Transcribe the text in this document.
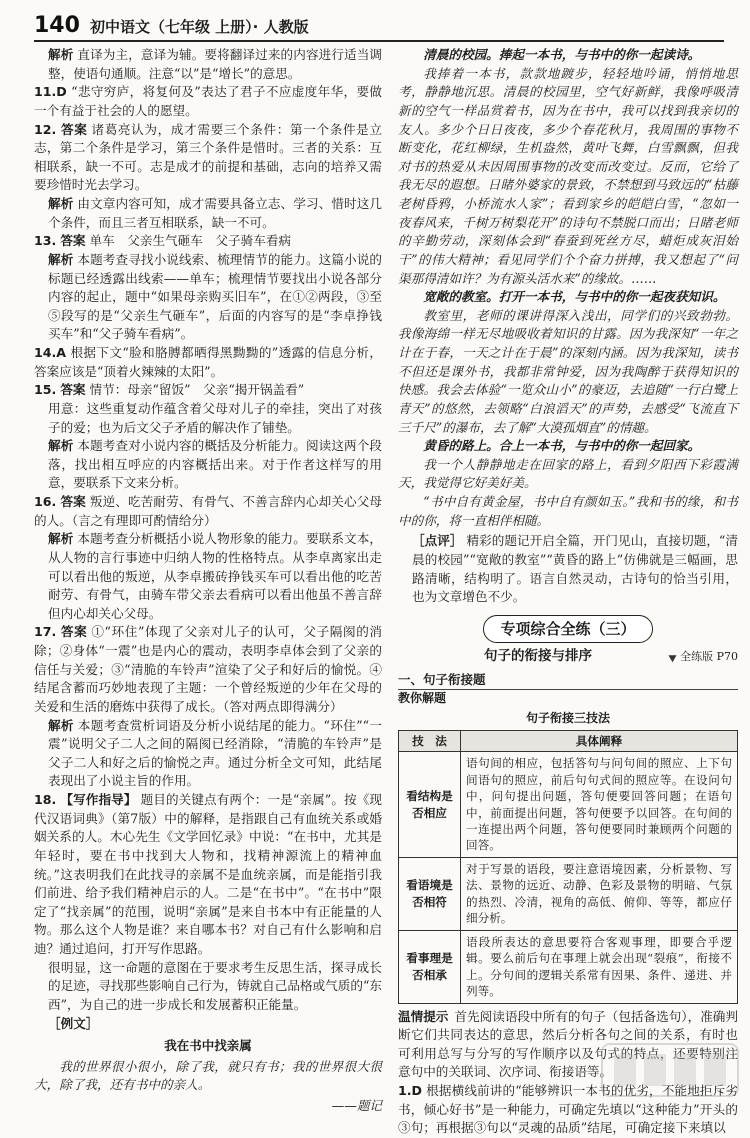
140 初中语文（七年级 上册）· 人教版
解析 直译为主，意译为辅。要将翻译过来的内容进行适当调整，使语句通顺。注意“以”是“增长”的意思。
11.D “悲守穷庐，将复何及”表达了君子不应虚度年华，要做一个有益于社会的人的愿望。
12. 答案 诸葛亮认为，成才需要三个条件：第一个条件是立志，第二个条件是学习，第三个条件是惜时。三者的关系：互相联系，缺一不可。志是成才的前提和基础，志向的培养又需要珍惜时光去学习。
解析 由文章内容可知，成才需要具备立志、学习、惜时这几个条件，而且三者互相联系，缺一不可。
13. 答案 单车　父亲生气砸车　父子骑车看病
解析 本题考查寻找小说线索、梳理情节的能力。这篇小说的标题已经透露出线索——单车；梳理情节要找出小说各部分内容的起止，题中“如果母亲购买旧车”，在①②两段，③至⑤段写的是“父亲生气砸车”，后面的内容写的是“李卓挣钱买车”和“父子骑车看病”。
14.A 根据下文“脸和胳膊都晒得黑黝黝的”透露的信息分析，答案应该是“顶着火辣辣的太阳”。
15. 答案 情节：母亲“留饭”　父亲“揭开锅盖看”
用意：这些重复动作蕴含着父母对儿子的牵挂，突出了对孩子的爱；也为后文父子矛盾的解决作了铺垫。
解析 本题考查对小说内容的概括及分析能力。阅读这两个段落，找出相互呼应的内容概括出来。对于作者这样写的用意，要联系下文来分析。
16. 答案 叛逆、吃苦耐劳、有骨气、不善言辞内心却关心父母的人。（言之有理即可酌情给分）
解析 本题考查分析概括小说人物形象的能力。要联系文本，从人物的言行事迹中归纳人物的性格特点。从李卓离家出走可以看出他的叛逆，从李卓搬砖挣钱买车可以看出他的吃苦耐劳、有骨气，由骑车带父亲去看病可以看出他虽不善言辞但内心却关心父母。
17. 答案 ①“环住”体现了父亲对儿子的认可，父子隔阂的消除；②身体“一震”也是内心的震动，表明李卓体会到了父亲的信任与关爱；③“清脆的车铃声”渲染了父子和好后的愉悦。④结尾含蓄而巧妙地表现了主题：一个曾经叛逆的少年在父母的关爱和生活的磨炼中获得了成长。（答对两点即得满分）
解析 本题考查赏析词语及分析小说结尾的能力。“环住”“一震”说明父子二人之间的隔阂已经消除，“清脆的车铃声”是父子二人和好之后的愉悦之声。通过分析全文可知，此结尾表现出了小说主旨的作用。
18. 【写作指导】 题目的关键点有两个：一是“亲属”。按《现代汉语词典》（第7版）中的解释，是指跟自己有血统关系或婚姻关系的人。木心先生《文学回忆录》中说：“在书中，尤其是年轻时，要在书中找到大人物和，找精神源流上的精神血统。”这表明我们在此找寻的亲属不是血统亲属，而是能指引我们前进、给予我们精神启示的人。二是“在书中”。“在书中”限定了“找亲属”的范围，说明“亲属”是来自书本中有正能量的人物。那么这个人物是谁？来自哪本书？对自己有什么影响和启迪？通过追问，打开写作思路。
很明显，这一命题的意图在于要求考生反思生活，探寻成长的足迹，寻找那些影响自己行为，铸就自己品格或气质的“东西”，为自己的进一步成长和发展蓄积正能量。
［例文］
我在书中找亲属
我的世界很小很小，除了我，就只有书；我的世界很大很大，除了我，还有书中的亲人。
——题记
清晨的校园。捧起一本书，与书中的你一起读诗。
我捧着一本书，款款地踱步，轻轻地吟诵，悄悄地思考，静静地沉思。清晨的校园里，空气好新鲜，我像呼吸清新的空气一样品赏着书，因为在书中，我可以找到我亲切的友人。多少个日日夜夜，多少个春花秋月，我周围的事物不断变化，花红柳绿，生机盎然，黄叶飞舞，白雪飘飘，但我对书的热爱从未因周围事物的改变而改变过。反而，它给了我无尽的遐想。日睹外婆家的景致，不禁想到马致远的“枯藤老树昏鸦，小桥流水人家”；看到家乡的皑皑白雪，“忽如一夜春风来，千树万树梨花开”的诗句不禁脱口而出；日睹老师的辛勤劳动，深刻体会到“春蚕到死丝方尽，蜡炬成灰泪始干”的伟大精神；看见同学们个个奋力拼搏，我又想起了“问渠那得清如许？为有源头活水来”的缘故。……
宽敞的教室。打开一本书，与书中的你一起夜获知识。
教室里，老师的课讲得深入浅出，同学们的兴致勃勃。我像海绵一样无尽地吸收着知识的甘露。因为我深知“一年之计在于春，一天之计在于晨”的深刻内涵。因为我深知，读书不但还是课外书，我都非常钟爱，因为我陶醉于获得知识的快感。我会去体验“一览众山小”的豪迈，去追随“一行白鹭上青天”的悠然，去领略“白浪滔天”的声势，去感受“飞流直下三千尺”的瀑布，去了解“大漠孤烟直”的情趣。
黄昏的路上。合上一本书，与书中的你一起回家。
我一个人静静地走在回家的路上，看到夕阳西下彩霞满天，我觉得它好美好美。
“书中自有黄金屋，书中自有颜如玉。”我和书的缘，和书中的你，将一直相伴相随。
［点评］ 精彩的题记开启全篇，开门见山，直接切题，“清晨的校园”“宽敞的教室”“黄昏的路上”仿佛就是三幅画，思路清晰，结构明了。语言自然灵动，古诗句的恰当引用，也为文章增色不少。
专项综合全练（三）
句子的衔接与排序	全练版 P70
一、句子衔接题
教你解题
句子衔接三技法
技　法	具体阐释
看结构是否相应	语句间的相应，包括答句与问句间的照应、上下句间语句的照应，前后句句式间的照应等。在设问句中，问句提出问题，答句便要回答问题；在语句中，前面提出问题，答句便要予以回答。在句间的一连提出两个问题，答句便要同时兼顾两个问题的回答。
看语境是否相符	对于写景的语段，要注意语境因素，分析景物、写法、景物的远近、动静、色彩及景物的明暗、气氛的热烈、冷清，视角的高低、俯仰、等等，都应仔细分析。
看事理是否相承	语段所表达的意思要符合客观事理，即要合乎逻辑。要么前后句在事理上就会出现“裂痕”，衔接不上。分句间的逻辑关系常有因果、条件、递进、并列等。
温情提示 首先阅读语段中所有的句子（包括备选句），准确判断它们共同表达的意思，然后分析各句之间的关系，有时也可利用总写与分写的写作顺序以及句式的特点，还要特别注意句中的关联词、次序词、衔接语等。
1.D 根据横线前讲的“能够辨识一本书的优劣，不能地拒斥劣书，倾心好书”是一种能力，可确定先填以“这种能力”开头的③句；再根据③句以“灵魂的品质”结尾，可确定接下来填以
